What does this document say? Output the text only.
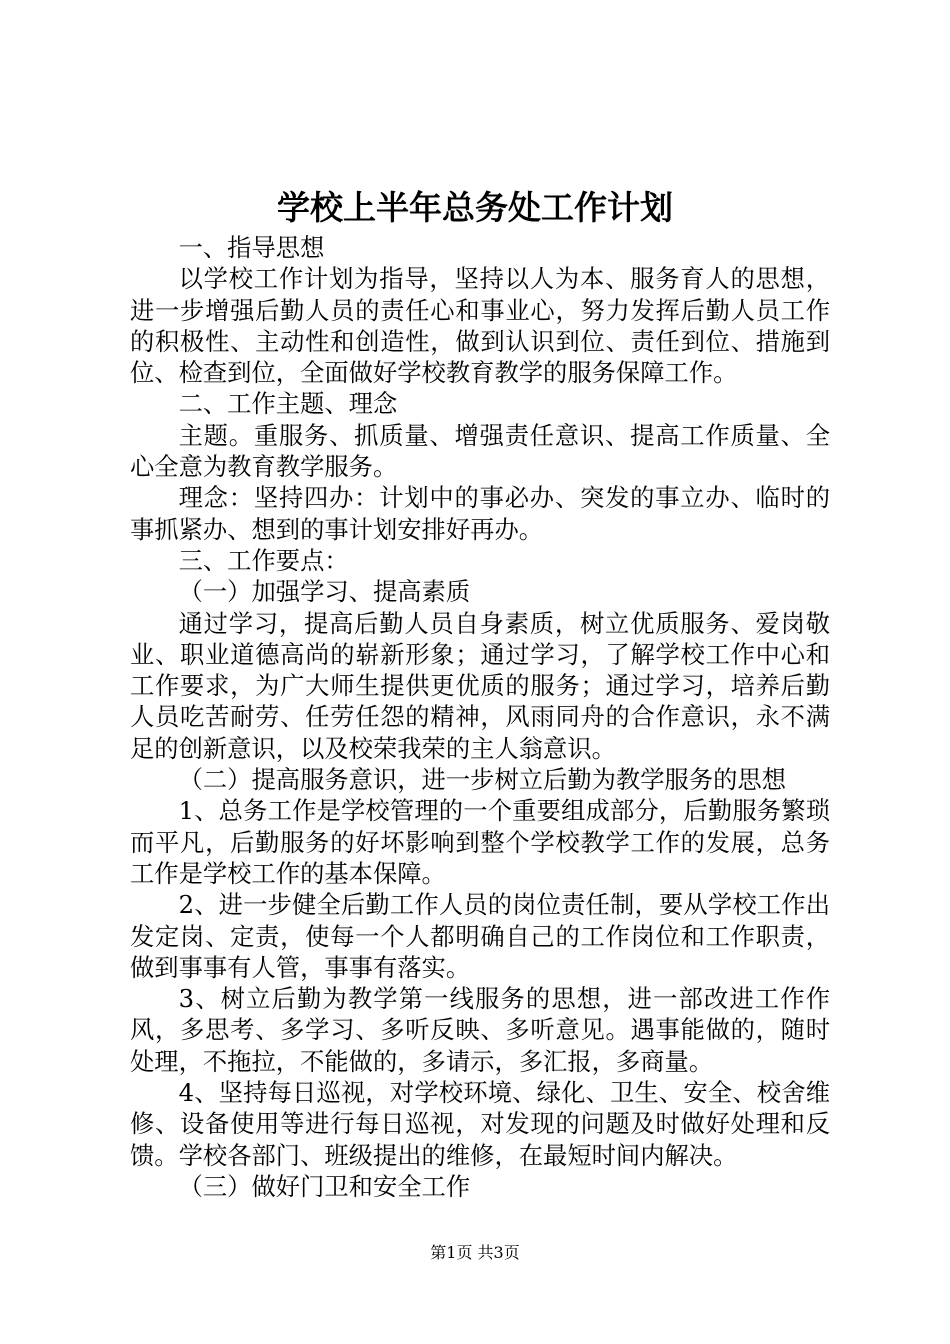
学校上半年总务处工作计划

一、指导思想

以学校工作计划为指导，坚持以人为本、服务育人的思想，进一步增强后勤人员的责任心和事业心，努力发挥后勤人员工作的积极性、主动性和创造性，做到认识到位、责任到位、措施到位、检查到位，全面做好学校教育教学的服务保障工作。

二、工作主题、理念

主题。重服务、抓质量、增强责任意识、提高工作质量、全心全意为教育教学服务。

理念：坚持四办：计划中的事必办、突发的事立办、临时的事抓紧办、想到的事计划安排好再办。

三、工作要点：

（一）加强学习、提高素质

通过学习，提高后勤人员自身素质，树立优质服务、爱岗敬业、职业道德高尚的崭新形象；通过学习，了解学校工作中心和工作要求，为广大师生提供更优质的服务；通过学习，培养后勤人员吃苦耐劳、任劳任怨的精神，风雨同舟的合作意识，永不满足的创新意识，以及校荣我荣的主人翁意识。

（二）提高服务意识，进一步树立后勤为教学服务的思想

1、总务工作是学校管理的一个重要组成部分，后勤服务繁琐而平凡，后勤服务的好坏影响到整个学校教学工作的发展，总务工作是学校工作的基本保障。

2、进一步健全后勤工作人员的岗位责任制，要从学校工作出发定岗、定责，使每一个人都明确自己的工作岗位和工作职责，做到事事有人管，事事有落实。

3、树立后勤为教学第一线服务的思想，进一部改进工作作风，多思考、多学习、多听反映、多听意见。遇事能做的，随时处理，不拖拉，不能做的，多请示，多汇报，多商量。

4、坚持每日巡视，对学校环境、绿化、卫生、安全、校舍维修、设备使用等进行每日巡视，对发现的问题及时做好处理和反馈。学校各部门、班级提出的维修，在最短时间内解决。

（三）做好门卫和安全工作

第1页 共3页
